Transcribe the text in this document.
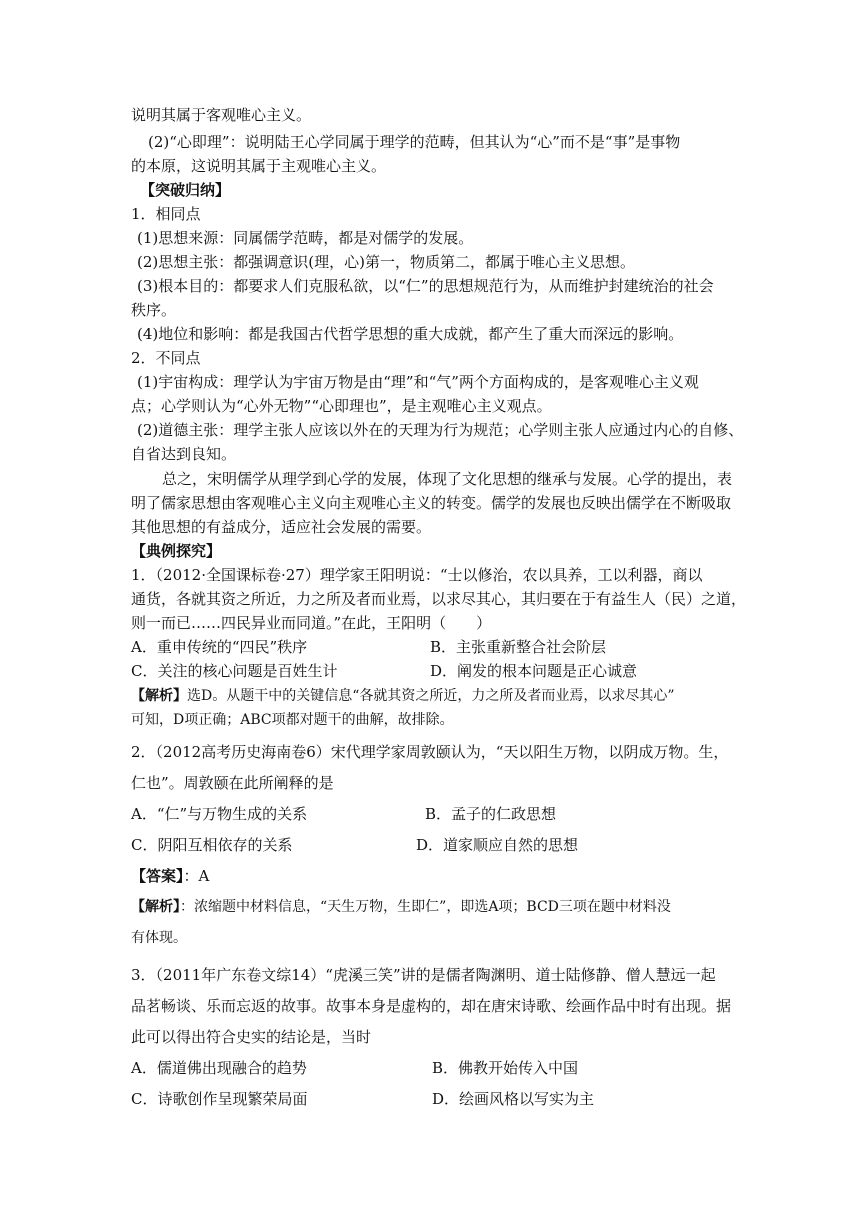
说明其属于客观唯心主义。
(2)“心即理”：说明陆王心学同属于理学的范畴，但其认为“心”而不是“事”是事物
的本原，这说明其属于主观唯心主义。
【突破归纳】
1．相同点
(1)思想来源：同属儒学范畴，都是对儒学的发展。
(2)思想主张：都强调意识(理，心)第一，物质第二，都属于唯心主义思想。
(3)根本目的：都要求人们克服私欲，以“仁”的思想规范行为，从而维护封建统治的社会
秩序。
(4)地位和影响：都是我国古代哲学思想的重大成就，都产生了重大而深远的影响。
2．不同点
(1)宇宙构成：理学认为宇宙万物是由“理”和“气”两个方面构成的，是客观唯心主义观
点；心学则认为“心外无物”“心即理也”，是主观唯心主义观点。
(2)道德主张：理学主张人应该以外在的天理为行为规范；心学则主张人应通过内心的自修、
自省达到良知。
总之，宋明儒学从理学到心学的发展，体现了文化思想的继承与发展。心学的提出，表
明了儒家思想由客观唯心主义向主观唯心主义的转变。儒学的发展也反映出儒学在不断吸取
其他思想的有益成分，适应社会发展的需要。
【典例探究】
1．（2012·全国课标卷·27）理学家王阳明说：“士以修治，农以具养，工以利器，商以
通货，各就其资之所近，力之所及者而业焉，以求尽其心，其归要在于有益生人（民）之道，
则一而已……四民异业而同道。”在此，王阳明（　　）
A．重申传统的“四民”秩序	B．主张重新整合社会阶层
C．关注的核心问题是百姓生计	D．阐发的根本问题是正心诚意
【解析】选D。从题干中的关键信息“各就其资之所近，力之所及者而业焉，以求尽其心”
可知，D项正确；ABC项都对题干的曲解，故排除。
2．（2012高考历史海南卷6）宋代理学家周敦颐认为，“天以阳生万物，以阴成万物。生，
仁也”。周敦颐在此所阐释的是
A．“仁”与万物生成的关系	B．孟子的仁政思想
C．阴阳互相依存的关系	D．道家顺应自然的思想
【答案】：A
【解析】：浓缩题中材料信息，“天生万物，生即仁”，即选A项；BCD三项在题中材料没
有体现。
3．（2011年广东卷文综14）“虎溪三笑”讲的是儒者陶渊明、道士陆修静、僧人慧远一起
品茗畅谈、乐而忘返的故事。故事本身是虚构的，却在唐宋诗歌、绘画作品中时有出现。据
此可以得出符合史实的结论是，当时
A．儒道佛出现融合的趋势	B．佛教开始传入中国
C．诗歌创作呈现繁荣局面	D．绘画风格以写实为主
